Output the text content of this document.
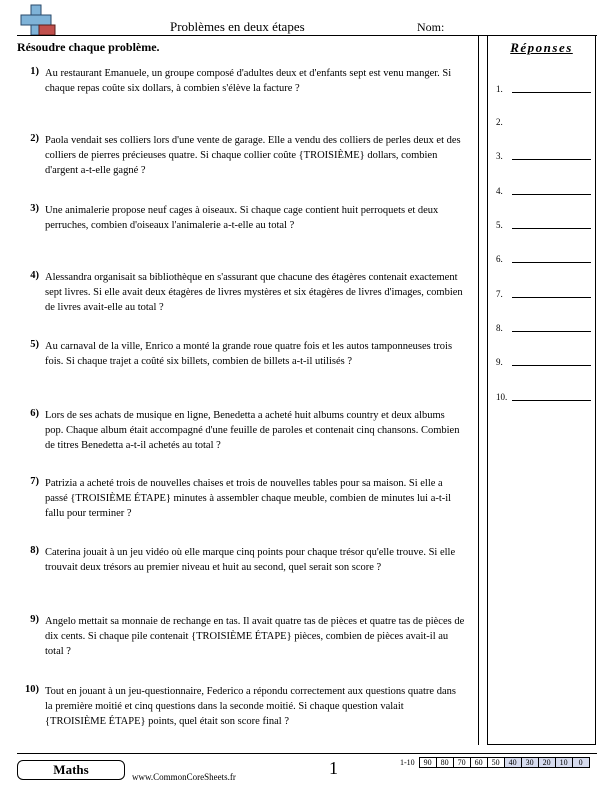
Problèmes en deux étapes	Nom:
Résoudre chaque problème.	Réponses
1.
2.
3.
4.
5.
6.
7.
8.
9.
10.
1) Au restaurant Emanuele, un groupe composé d'adultes deux et d'enfants sept est venu manger. Si chaque repas coûte six dollars, à combien s'élève la facture ?
2) Paola vendait ses colliers lors d'une vente de garage. Elle a vendu des colliers de perles deux et des colliers de pierres précieuses quatre. Si chaque collier coûte {TROISIÈME} dollars, combien d'argent a-t-elle gagné ?
3) Une animalerie propose neuf cages à oiseaux. Si chaque cage contient huit perroquets et deux perruches, combien d'oiseaux l'animalerie a-t-elle au total ?
4) Alessandra organisait sa bibliothèque en s'assurant que chacune des étagères contenait exactement sept livres. Si elle avait deux étagères de livres mystères et six étagères de livres d'images, combien de livres avait-elle au total ?
5) Au carnaval de la ville, Enrico a monté la grande roue quatre fois et les autos tamponneuses trois fois. Si chaque trajet a coûté six billets, combien de billets a-t-il utilisés ?
6) Lors de ses achats de musique en ligne, Benedetta a acheté huit albums country et deux albums pop. Chaque album était accompagné d'une feuille de paroles et contenait cinq chansons. Combien de titres Benedetta a-t-il achetés au total ?
7) Patrizia a acheté trois de nouvelles chaises et trois de nouvelles tables pour sa maison. Si elle a passé {TROISIÈME ÉTAPE} minutes à assembler chaque meuble, combien de minutes lui a-t-il fallu pour terminer ?
8) Caterina jouait à un jeu vidéo où elle marque cinq points pour chaque trésor qu'elle trouve. Si elle trouvait deux trésors au premier niveau et huit au second, quel serait son score ?
9) Angelo mettait sa monnaie de rechange en tas. Il avait quatre tas de pièces et quatre tas de pièces de dix cents. Si chaque pile contenait {TROISIÈME ÉTAPE} pièces, combien de pièces avait-il au total ?
10) Tout en jouant à un jeu-questionnaire, Federico a répondu correctement aux questions quatre dans la première moitié et cinq questions dans la seconde moitié. Si chaque question valait {TROISIÈME ÉTAPE} points, quel était son score final ?
Maths	www.CommonCoreSheets.fr	1	1-10	90	80	70	60	50	40	30	20	10	0
